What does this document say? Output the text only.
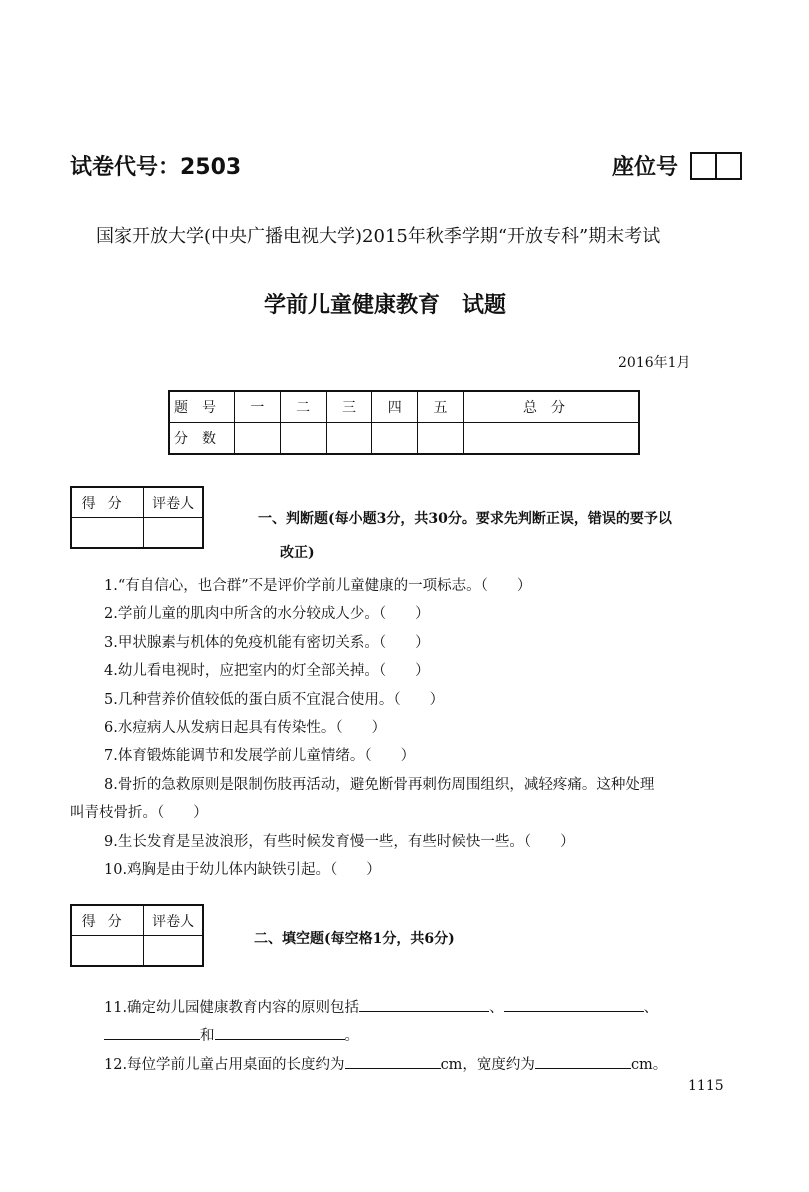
试卷代号：2503	座位号
国家开放大学(中央广播电视大学)2015年秋季学期“开放专科”期末考试
学前儿童健康教育　试题
2016年1月
题号	一	二	三	四	五	总分
分数						
得分	评卷人

一、判断题(每小题3分，共30分。要求先判断正误，错误的要予以
改正)
1.“有自信心，也合群”不是评价学前儿童健康的一项标志。（　　）
2.学前儿童的肌肉中所含的水分较成人少。（　　）
3.甲状腺素与机体的免疫机能有密切关系。（　　）
4.幼儿看电视时，应把室内的灯全部关掉。（　　）
5.几种营养价值较低的蛋白质不宜混合使用。（　　）
6.水痘病人从发病日起具有传染性。（　　）
7.体育锻炼能调节和发展学前儿童情绪。（　　）
8.骨折的急救原则是限制伤肢再活动，避免断骨再刺伤周围组织，减轻疼痛。这种处理
叫青枝骨折。（　　）
9.生长发育是呈波浪形，有些时候发育慢一些，有些时候快一些。（　　）
10.鸡胸是由于幼儿体内缺铁引起。（　　）
得分	评卷人

二、填空题(每空格1分，共6分)
11.确定幼儿园健康教育内容的原则包括	、	、
和	。
12.每位学前儿童占用桌面的长度约为	cm，宽度约为	cm。
1115
